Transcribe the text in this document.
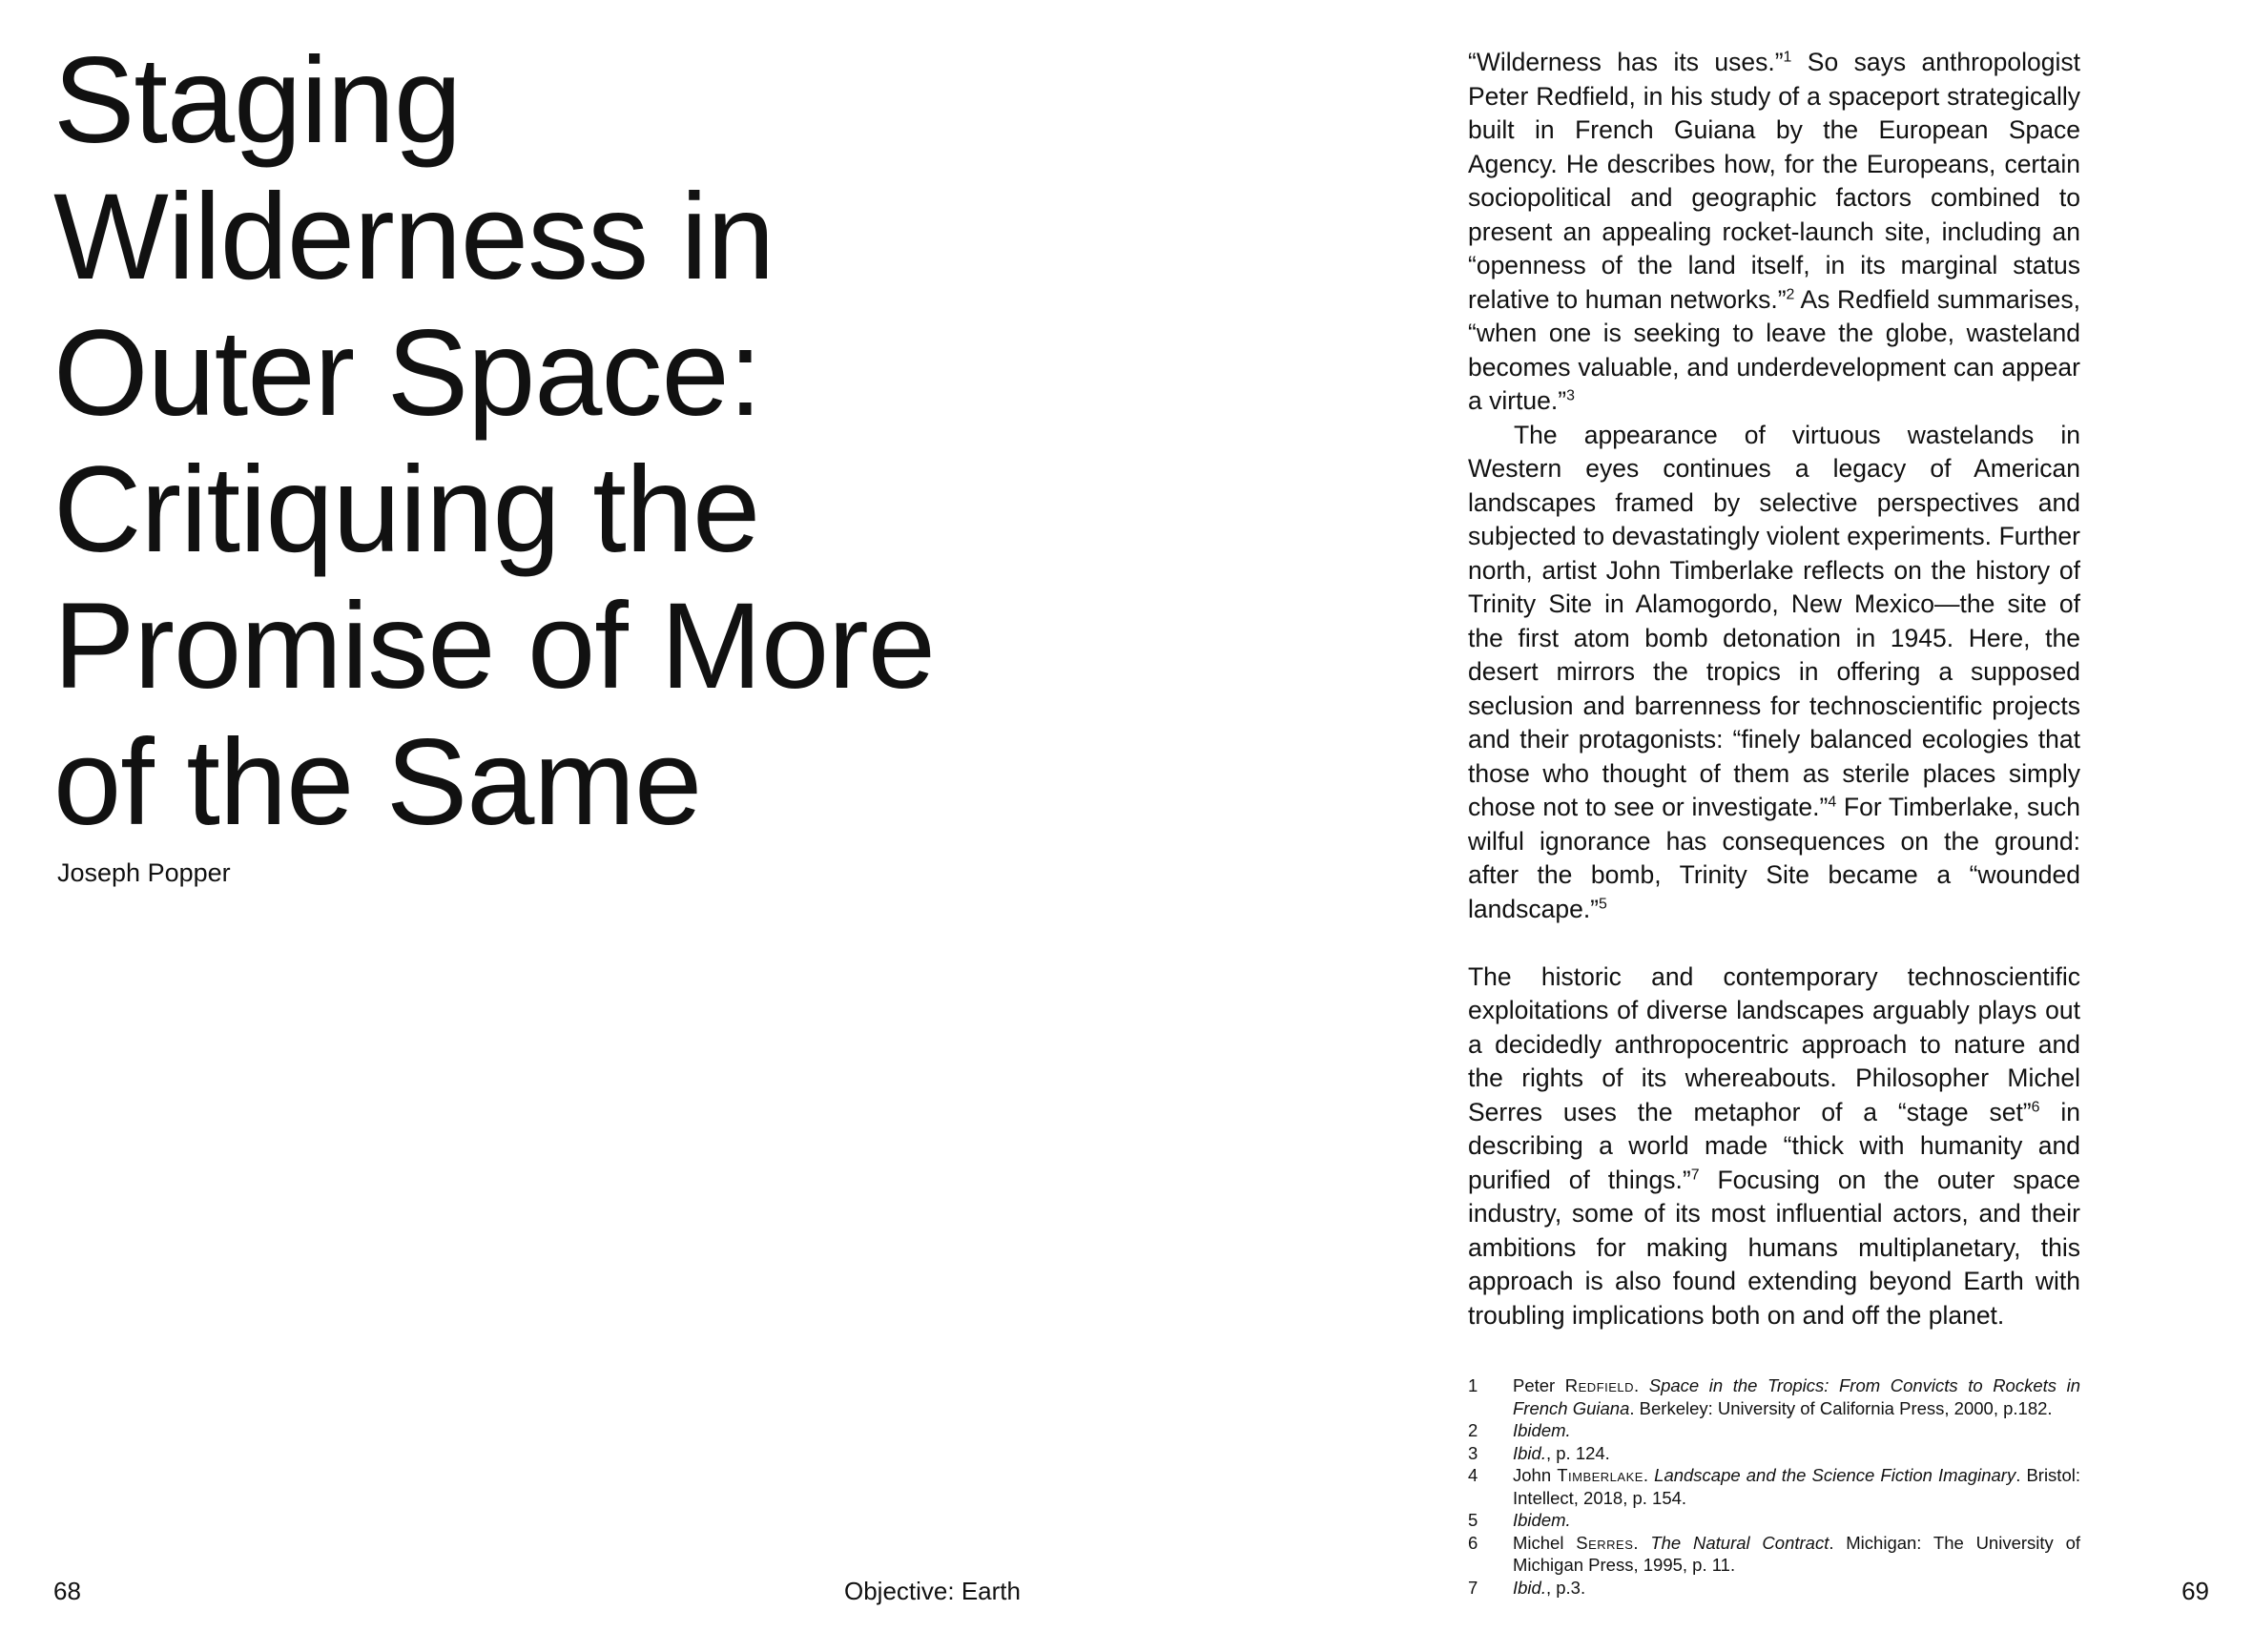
Staging
Wilderness in
Outer Space:
Critiquing the
Promise of More
of the Same

Joseph Popper

68	Objective: Earth

“Wilderness has its uses.”$^1$ So says anthropologist Peter Redfield, in his study of a spaceport strategically built in French Guiana by the European Space Agency. He describes how, for the Europeans, certain sociopolitical and geographic factors combined to present an appealing rocket-launch site, including an “openness of the land itself, in its marginal status relative to human networks.”$^2$ As Redfield summarises, “when one is seeking to leave the globe, wasteland becomes valuable, and underdevelopment can appear a virtue.”$^3$

The appearance of virtuous wastelands in Western eyes continues a legacy of American landscapes framed by selective perspectives and subjected to devastatingly violent experiments. Further north, artist John Timberlake reflects on the history of Trinity Site in Alamogordo, New Mexico—the site of the first atom bomb detonation in 1945. Here, the desert mirrors the tropics in offering a supposed seclusion and barrenness for technoscientific projects and their protagonists: “finely balanced ecologies that those who thought of them as sterile places simply chose not to see or investigate.”$^4$ For Timberlake, such wilful ignorance has consequences on the ground: after the bomb, Trinity Site became a “wounded landscape.”$^5$

The historic and contemporary technoscientific exploitations of diverse landscapes arguably plays out a decidedly anthropocentric approach to nature and the rights of its whereabouts. Philosopher Michel Serres uses the metaphor of a “stage set”$^6$ in describing a world made “thick with humanity and purified of things.”$^7$ Focusing on the outer space industry, some of its most influential actors, and their ambitions for making humans multiplanetary, this approach is also found extending beyond Earth with troubling implications both on and off the planet.

1	Peter Redfield. Space in the Tropics: From Convicts to Rockets in French Guiana. Berkeley: University of California Press, 2000, p.182.
2	Ibidem.
3	Ibid., p. 124.
4	John Timberlake. Landscape and the Science Fiction Imaginary. Bristol: Intellect, 2018, p. 154.
5	Ibidem.
6	Michel Serres. The Natural Contract. Michigan: The University of Michigan Press, 1995, p. 11.
7	Ibid., p.3.	69
